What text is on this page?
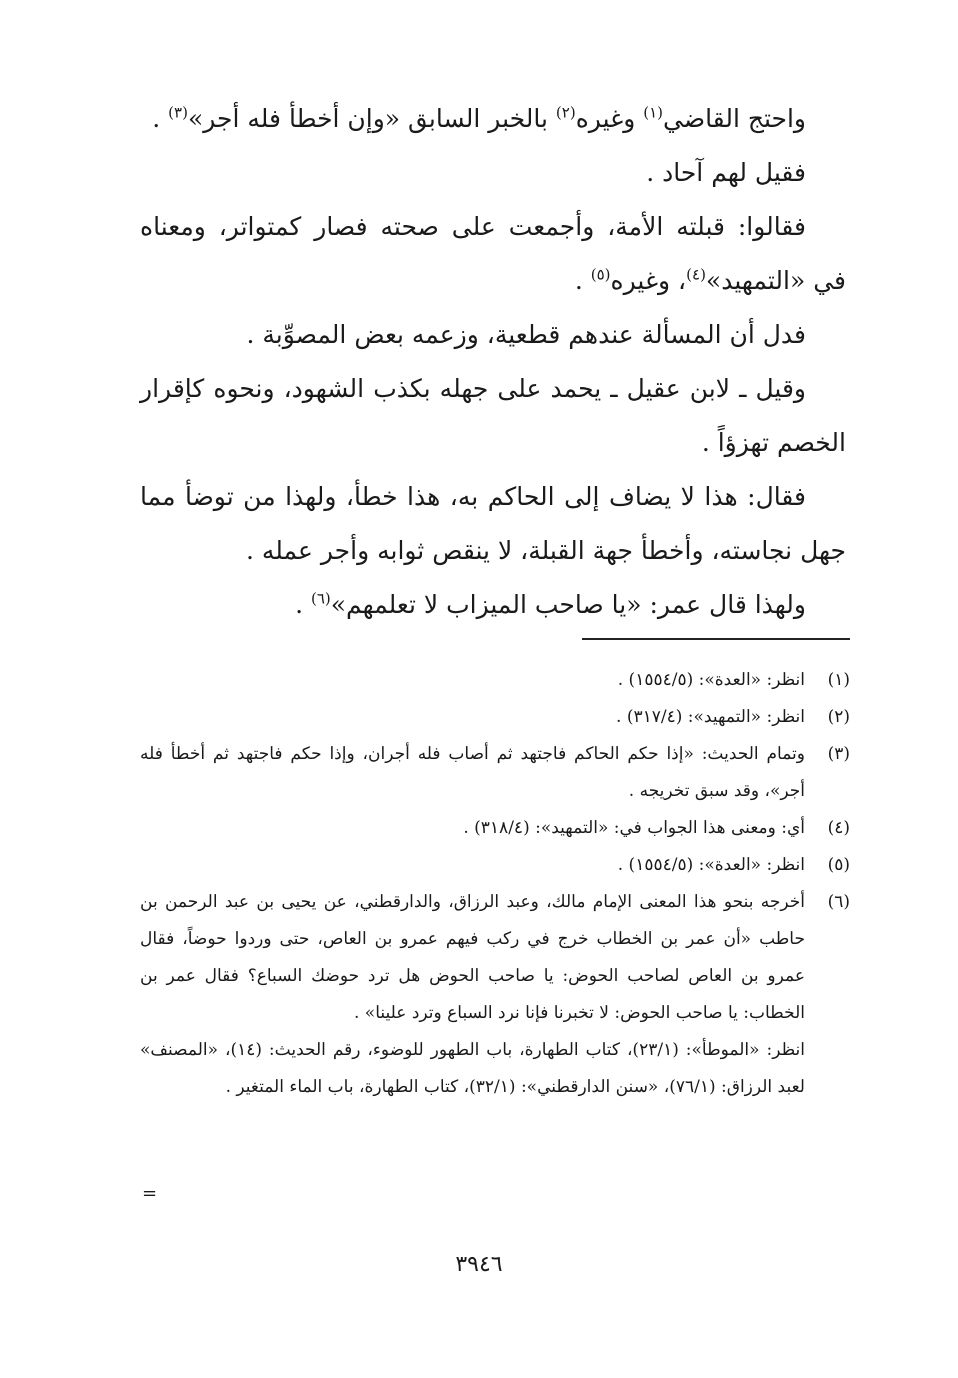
واحتج القاضي$^{(١)}$ وغيره$^{(٢)}$ بالخبر السابق «وإن أخطأ فله أجر»$^{(٣)}$ .

فقيل لهم آحاد .

فقالوا: قبلته الأمة، وأجمعت على صحته فصار كمتواتر، ومعناه في «التمهيد»$^{(٤)}$، وغيره$^{(٥)}$ .

فدل أن المسألة عندهم قطعية، وزعمه بعض المصوِّبة .

وقيل ـ لابن عقيل ـ يحمد على جهله بكذب الشهود، ونحوه كإقرار الخصم تهزؤاً .

فقال: هذا لا يضاف إلى الحاكم به، هذا خطأ، ولهذا من توضأ مما جهل نجاسته، وأخطأ جهة القبلة، لا ينقص ثوابه وأجر عمله .

ولهذا قال عمر: «يا صاحب الميزاب لا تعلمهم»$^{(٦)}$ .

(١)
انظر: «العدة»: (١٥٥٤/٥) .
(٢)
انظر: «التمهيد»: (٣١٧/٤) .
(٣)
وتمام الحديث: «إذا حكم الحاكم فاجتهد ثم أصاب فله أجران، وإذا حكم فاجتهد ثم أخطأ فله أجر»، وقد سبق تخريجه .
(٤)
أي: ومعنى هذا الجواب في: «التمهيد»: (٣١٨/٤) .
(٥)
انظر: «العدة»: (١٥٥٤/٥) .
(٦)
أخرجه بنحو هذا المعنى الإمام مالك، وعبد الرزاق، والدارقطني، عن يحيى بن عبد الرحمن بن حاطب «أن عمر بن الخطاب خرج في ركب فيهم عمرو بن العاص، حتى وردوا حوضاً، فقال عمرو بن العاص لصاحب الحوض: يا صاحب الحوض هل ترد حوضك السباع؟ فقال عمر بن الخطاب: يا صاحب الحوض: لا تخبرنا فإنا نرد السباع وترد علينا» .

انظر: «الموطأ»: (٢٣/١)، كتاب الطهارة، باب الطهور للوضوء، رقم الحديث: (١٤)، «المصنف» لعبد الرزاق: (٧٦/١)، «سنن الدارقطني»: (٣٢/١)، كتاب الطهارة، باب الماء المتغير .

=
٣٩٤٦
